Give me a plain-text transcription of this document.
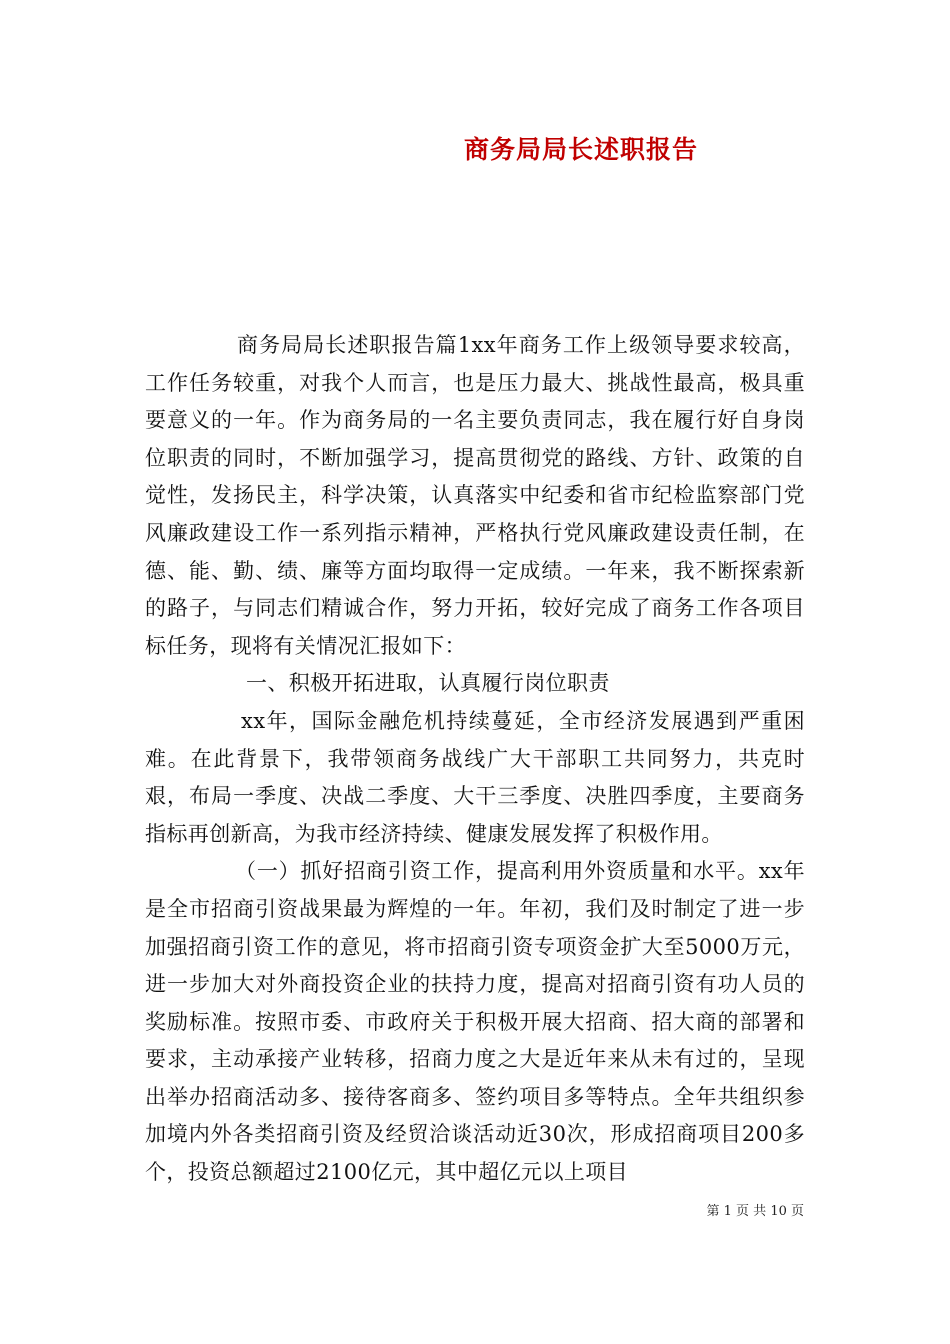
商务局局长述职报告

商务局局长述职报告篇1xx年商务工作上级领导要求较高，工作任务较重，对我个人而言，也是压力最大、挑战性最高，极具重要意义的一年。作为商务局的一名主要负责同志，我在履行好自身岗位职责的同时，不断加强学习，提高贯彻党的路线、方针、政策的自觉性，发扬民主，科学决策，认真落实中纪委和省市纪检监察部门党风廉政建设工作一系列指示精神，严格执行党风廉政建设责任制，在德、能、勤、绩、廉等方面均取得一定成绩。一年来，我不断探索新的路子，与同志们精诚合作，努力开拓，较好完成了商务工作各项目标任务，现将有关情况汇报如下：

一、积极开拓进取，认真履行岗位职责

xx年，国际金融危机持续蔓延，全市经济发展遇到严重困难。在此背景下，我带领商务战线广大干部职工共同努力，共克时艰，布局一季度、决战二季度、大干三季度、决胜四季度，主要商务指标再创新高，为我市经济持续、健康发展发挥了积极作用。

（一）抓好招商引资工作，提高利用外资质量和水平。xx年是全市招商引资战果最为辉煌的一年。年初，我们及时制定了进一步加强招商引资工作的意见，将市招商引资专项资金扩大至5000万元，进一步加大对外商投资企业的扶持力度，提高对招商引资有功人员的奖励标准。按照市委、市政府关于积极开展大招商、招大商的部署和要求，主动承接产业转移，招商力度之大是近年来从未有过的，呈现出举办招商活动多、接待客商多、签约项目多等特点。全年共组织参加境内外各类招商引资及经贸洽谈活动近30次，形成招商项目200多个，投资总额超过2100亿元，其中超亿元以上项目

第 1 页 共 10 页
